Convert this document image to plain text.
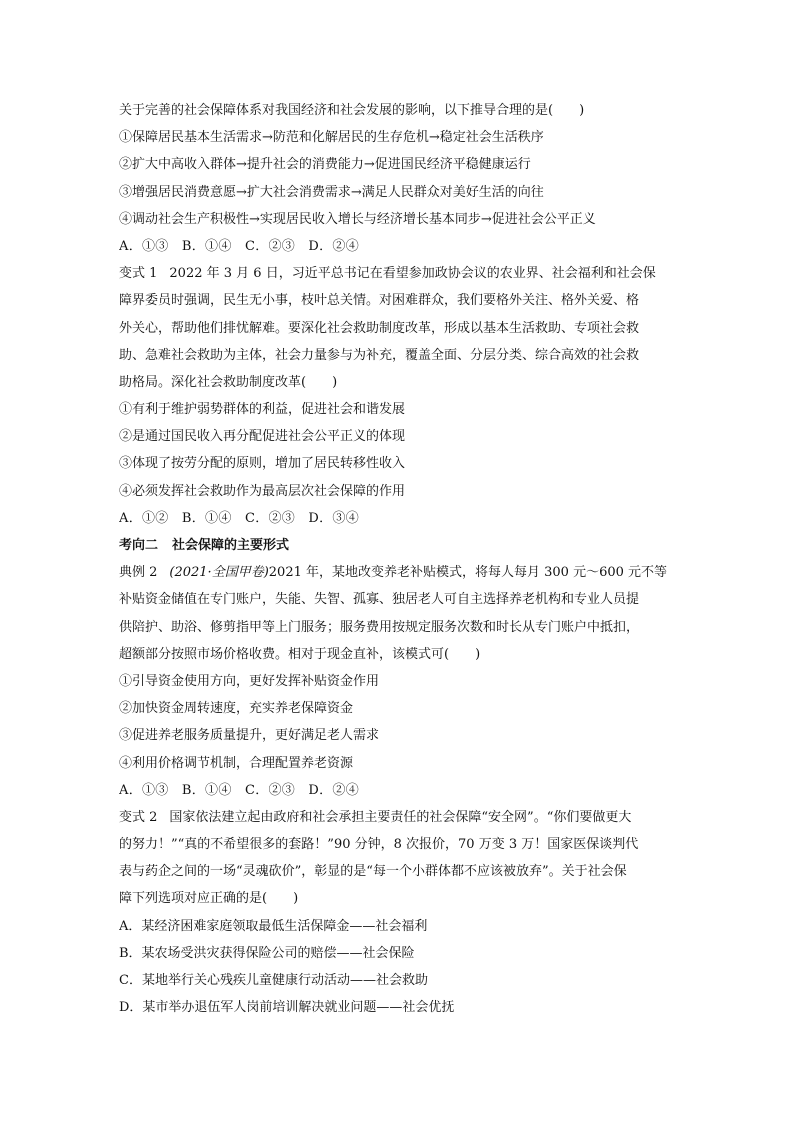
关于完善的社会保障体系对我国经济和社会发展的影响，以下推导合理的是(　　)
①保障居民基本生活需求→防范和化解居民的生存危机→稳定社会生活秩序
②扩大中高收入群体→提升社会的消费能力→促进国民经济平稳健康运行
③增强居民消费意愿→扩大社会消费需求→满足人民群众对美好生活的向往
④调动社会生产积极性→实现居民收入增长与经济增长基本同步→促进社会公平正义
A．①③　B．①④　C．②③　D．②④
变式 1 2022 年 3 月 6 日，习近平总书记在看望参加政协会议的农业界、社会福利和社会保
障界委员时强调，民生无小事，枝叶总关情。对困难群众，我们要格外关注、格外关爱、格
外关心，帮助他们排忧解难。要深化社会救助制度改革，形成以基本生活救助、专项社会救
助、急难社会救助为主体，社会力量参与为补充，覆盖全面、分层分类、综合高效的社会救
助格局。深化社会救助制度改革(　　)
①有利于维护弱势群体的利益，促进社会和谐发展
②是通过国民收入再分配促进社会公平正义的体现
③体现了按劳分配的原则，增加了居民转移性收入
④必须发挥社会救助作为最高层次社会保障的作用
A．①②　B．①④　C．②③　D．③④
考向二 社会保障的主要形式
典例 2 (2021·全国甲卷)2021 年，某地改变养老补贴模式，将每人每月 300 元～600 元不等
补贴资金储值在专门账户，失能、失智、孤寡、独居老人可自主选择养老机构和专业人员提
供陪护、助浴、修剪指甲等上门服务；服务费用按规定服务次数和时长从专门账户中抵扣，
超额部分按照市场价格收费。相对于现金直补，该模式可(　　)
①引导资金使用方向，更好发挥补贴资金作用
②加快资金周转速度，充实养老保障资金
③促进养老服务质量提升，更好满足老人需求
④利用价格调节机制，合理配置养老资源
A．①③　B．①④　C．②③　D．②④
变式 2 国家依法建立起由政府和社会承担主要责任的社会保障“安全网”。“你们要做更大
的努力！”“真的不希望很多的套路！”90 分钟，8 次报价，70 万变 3 万！国家医保谈判代
表与药企之间的一场“灵魂砍价”，彰显的是“每一个小群体都不应该被放弃”。关于社会保
障下列选项对应正确的是(　　)
A．某经济困难家庭领取最低生活保障金——社会福利
B．某农场受洪灾获得保险公司的赔偿——社会保险
C．某地举行关心残疾儿童健康行动活动——社会救助
D．某市举办退伍军人岗前培训解决就业问题——社会优抚
